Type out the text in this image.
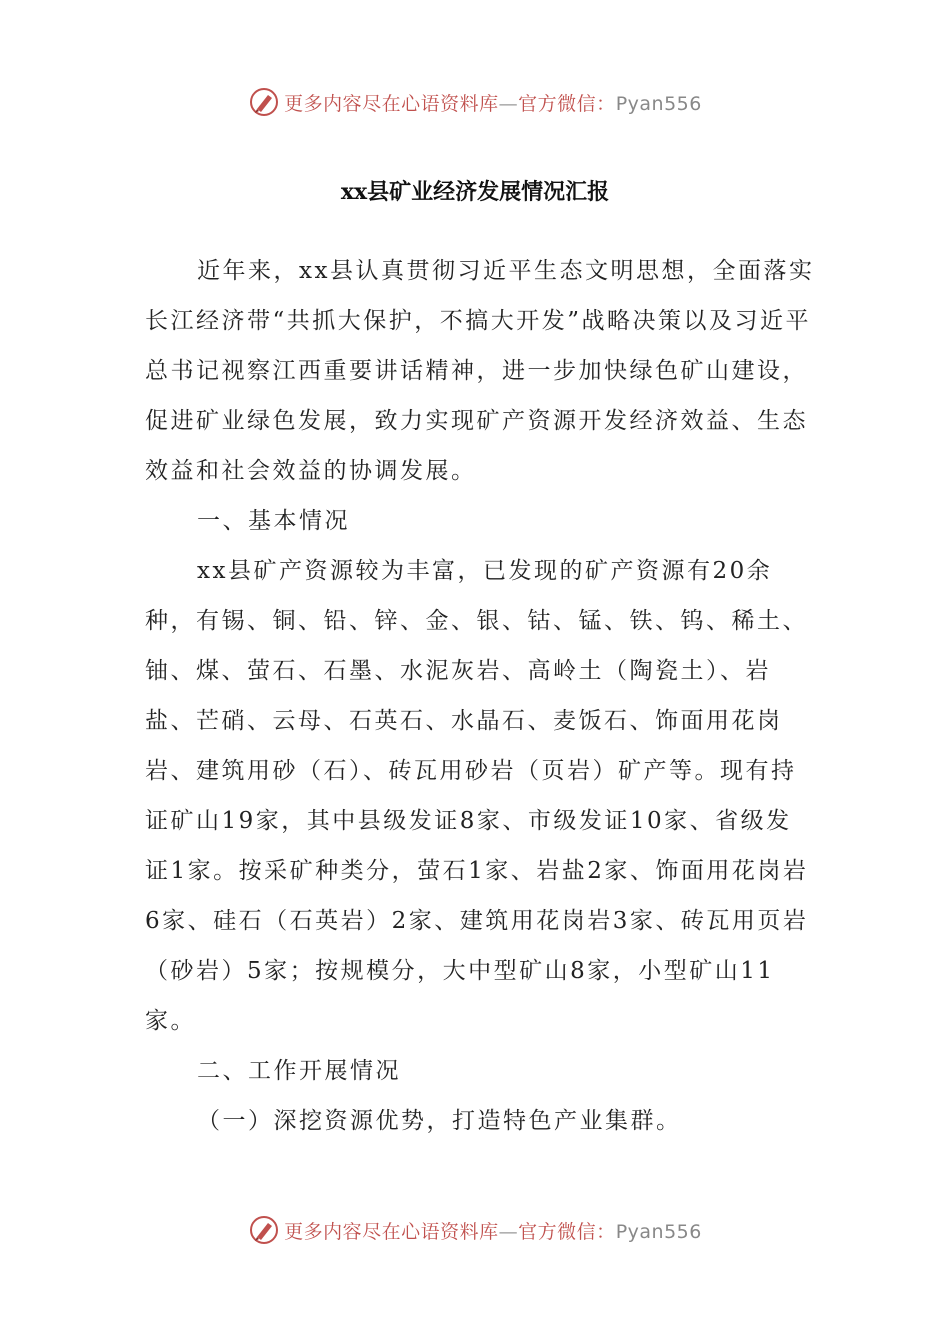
更多内容尽在心语资料库—官方微信：Pyan556
xx县矿业经济发展情况汇报

近年来，xx县认真贯彻习近平生态文明思想，全面落实长江经济带“共抓大保护，不搞大开发”战略决策以及习近平总书记视察江西重要讲话精神，进一步加快绿色矿山建设，促进矿业绿色发展，致力实现矿产资源开发经济效益、生态效益和社会效益的协调发展。

一、基本情况

xx县矿产资源较为丰富，已发现的矿产资源有20余种，有锡、铜、铅、锌、金、银、钴、锰、铁、钨、稀土、铀、煤、萤石、石墨、水泥灰岩、高岭土（陶瓷土）、岩盐、芒硝、云母、石英石、水晶石、麦饭石、饰面用花岗岩、建筑用砂（石）、砖瓦用砂岩（页岩）矿产等。现有持证矿山19家，其中县级发证8家、市级发证10家、省级发证1家。按采矿种类分，萤石1家、岩盐2家、饰面用花岗岩6家、硅石（石英岩）2家、建筑用花岗岩3家、砖瓦用页岩（砂岩）5家；按规模分，大中型矿山8家，小型矿山11家。

二、工作开展情况

（一）深挖资源优势，打造特色产业集群。

更多内容尽在心语资料库—官方微信：Pyan556
